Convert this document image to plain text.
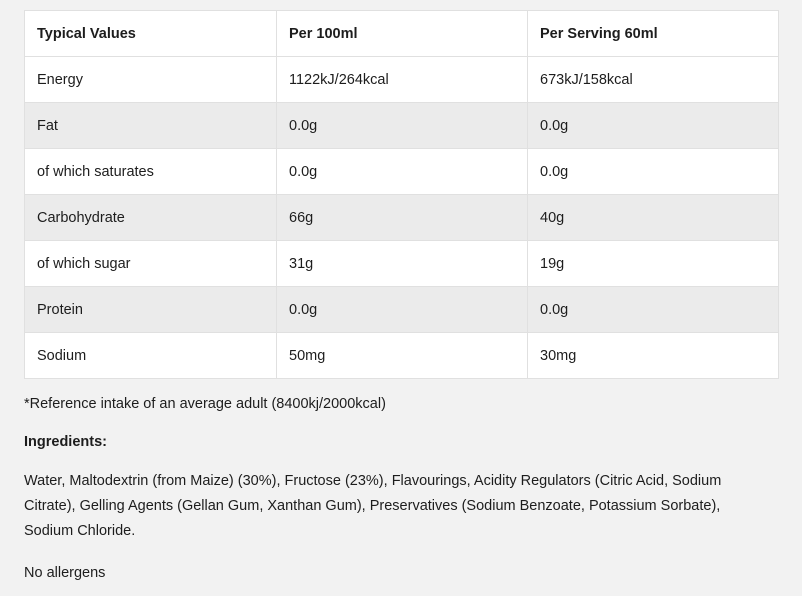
Typical Values	Per 100ml	Per Serving 60ml
Energy	1122kJ/264kcal	673kJ/158kcal
Fat	0.0g	0.0g
of which saturates	0.0g	0.0g
Carbohydrate	66g	40g
of which sugar	31g	19g
Protein	0.0g	0.0g
Sodium	50mg	30mg

*Reference intake of an average adult (8400kj/2000kcal)

Ingredients:

Water, Maltodextrin (from Maize) (30%), Fructose (23%), Flavourings, Acidity Regulators (Citric Acid, Sodium Citrate), Gelling Agents (Gellan Gum, Xanthan Gum), Preservatives (Sodium Benzoate, Potassium Sorbate), Sodium Chloride.

No allergens
